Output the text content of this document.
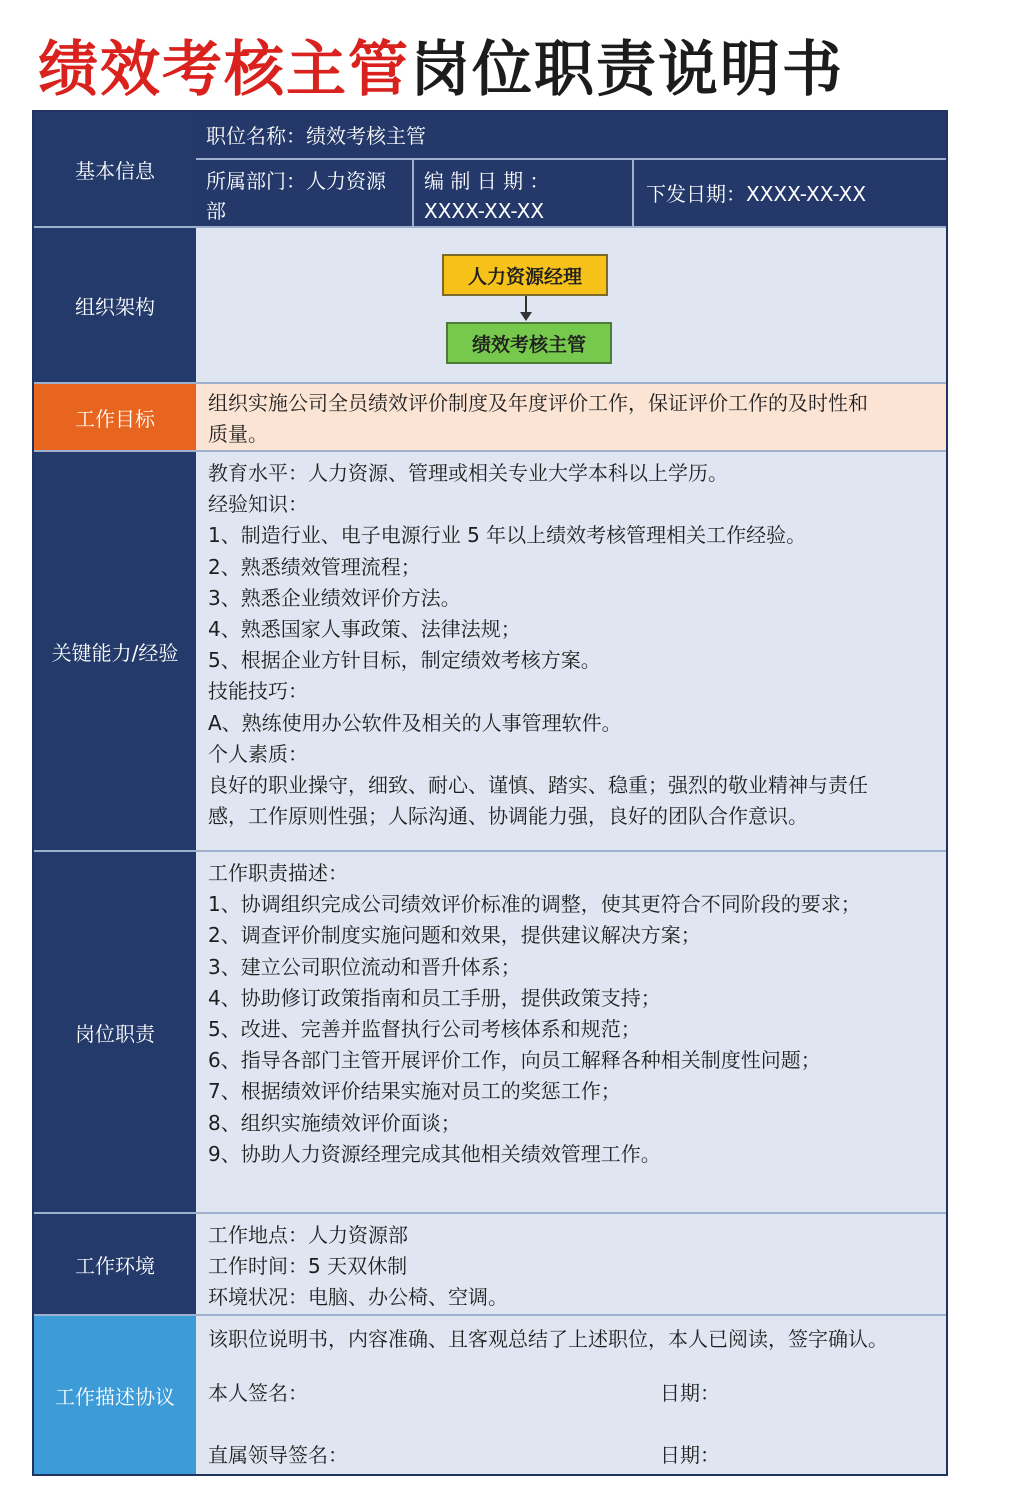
绩效考核主管岗位职责说明书
基本信息
职位名称：绩效考核主管
所属部门：人力资源
部
编 制 日 期 ：
XXXX-XX-XX
下发日期：XXXX-XX-XX
组织架构
人力资源经理
绩效考核主管
工作目标
组织实施公司全员绩效评价制度及年度评价工作，保证评价工作的及时性和
质量。
关键能力/经验
教育水平：人力资源、管理或相关专业大学本科以上学历。
经验知识：
1、制造行业、电子电源行业 5 年以上绩效考核管理相关工作经验。
2、熟悉绩效管理流程；
3、熟悉企业绩效评价方法。
4、熟悉国家人事政策、法律法规；
5、根据企业方针目标，制定绩效考核方案。
技能技巧：
A、熟练使用办公软件及相关的人事管理软件。
个人素质：
良好的职业操守，细致、耐心、谨慎、踏实、稳重；强烈的敬业精神与责任
感，工作原则性强；人际沟通、协调能力强，良好的团队合作意识。
岗位职责
工作职责描述：
1、协调组织完成公司绩效评价标准的调整，使其更符合不同阶段的要求；
2、调查评价制度实施问题和效果，提供建议解决方案；
3、建立公司职位流动和晋升体系；
4、协助修订政策指南和员工手册，提供政策支持；
5、改进、完善并监督执行公司考核体系和规范；
6、指导各部门主管开展评价工作，向员工解释各种相关制度性问题；
7、根据绩效评价结果实施对员工的奖惩工作；
8、组织实施绩效评价面谈；
9、协助人力资源经理完成其他相关绩效管理工作。
工作环境
工作地点：人力资源部
工作时间：5 天双休制
环境状况：电脑、办公椅、空调。
工作描述协议
该职位说明书，内容准确、且客观总结了上述职位，本人已阅读，签字确认。
本人签名：	日期：
直属领导签名：	日期：
